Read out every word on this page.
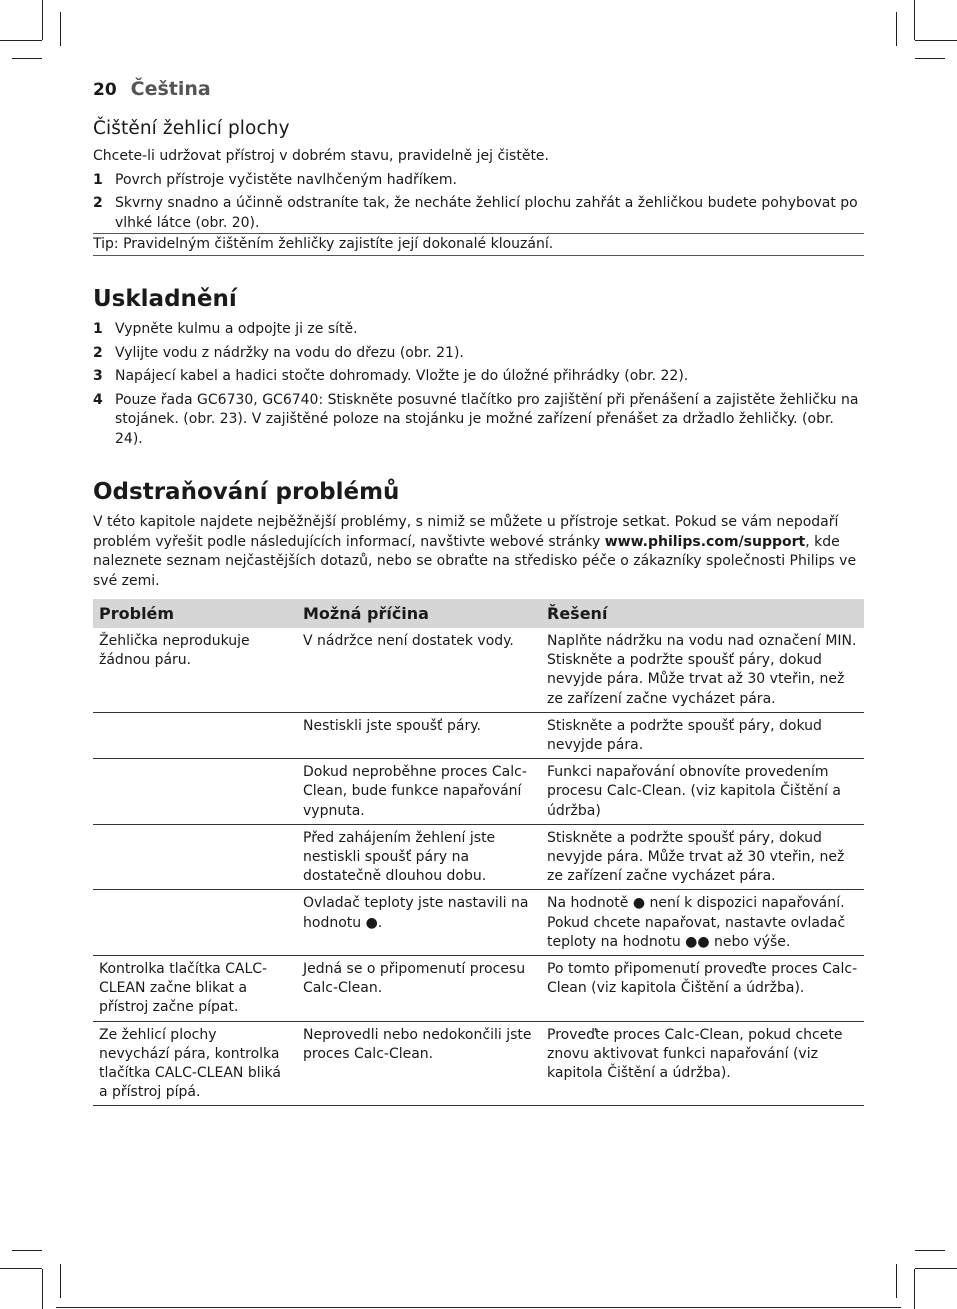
20 Čeština
Čištění žehlicí plochy

Chcete-li udržovat přístroj v dobrém stavu, pravidelně jej čistěte.

1 Povrch přístroje vyčistěte navlhčeným hadříkem.
2 Skvrny snadno a účinně odstraníte tak, že necháte žehlicí plochu zahřát a žehličkou budete pohybovat po vlhké látce (obr. 20).
Tip: Pravidelným čištěním žehličky zajistíte její dokonalé klouzání.
Uskladnění
1 Vypněte kulmu a odpojte ji ze sítě.
2 Vylijte vodu z nádržky na vodu do dřezu (obr. 21).
3 Napájecí kabel a hadici stočte dohromady. Vložte je do úložné přihrádky (obr. 22).
4 Pouze řada GC6730, GC6740: Stiskněte posuvné tlačítko pro zajištění při přenášení a zajistěte žehličku na stojánek. (obr. 23). V zajištěné poloze na stojánku je možné zařízení přenášet za držadlo žehličky. (obr. 24).
Odstraňování problémů

V této kapitole najdete nejběžnější problémy, s nimiž se můžete u přístroje setkat. Pokud se vám nepodaří problém vyřešit podle následujících informací, navštivte webové stránky www.philips.com/support, kde naleznete seznam nejčastějších dotazů, nebo se obraťte na středisko péče o zákazníky společnosti Philips ve své zemi.

Problém	Možná příčina	Řešení
Žehlička neprodukuje žádnou páru.	V nádržce není dostatek vody.	Naplňte nádržku na vodu nad označení MIN. Stiskněte a podržte spoušť páry, dokud nevyjde pára. Může trvat až 30 vteřin, než ze zařízení začne vycházet pára.
	Nestiskli jste spoušť páry.	Stiskněte a podržte spoušť páry, dokud nevyjde pára.
	Dokud neproběhne proces Calc-Clean, bude funkce napařování vypnuta.	Funkci napařování obnovíte provedením procesu Calc-Clean. (viz kapitola Čištění a údržba)
	Před zahájením žehlení jste nestiskli spoušť páry na dostatečně dlouhou dobu.	Stiskněte a podržte spoušť páry, dokud nevyjde pára. Může trvat až 30 vteřin, než ze zařízení začne vycházet pára.
	Ovladač teploty jste nastavili na hodnotu ●.	Na hodnotě ● není k dispozici napařování. Pokud chcete napařovat, nastavte ovladač teploty na hodnotu ●● nebo výše.
Kontrolka tlačítka CALC-CLEAN začne blikat a přístroj začne pípat.	Jedná se o připomenutí procesu Calc-Clean.	Po tomto připomenutí proveďte proces Calc-Clean (viz kapitola Čištění a údržba).
Ze žehlicí plochy nevychází pára, kontrolka tlačítka CALC-CLEAN bliká a přístroj pípá.	Neprovedli nebo nedokončili jste proces Calc-Clean.	Proveďte proces Calc-Clean, pokud chcete znovu aktivovat funkci napařování (viz kapitola Čištění a údržba).
